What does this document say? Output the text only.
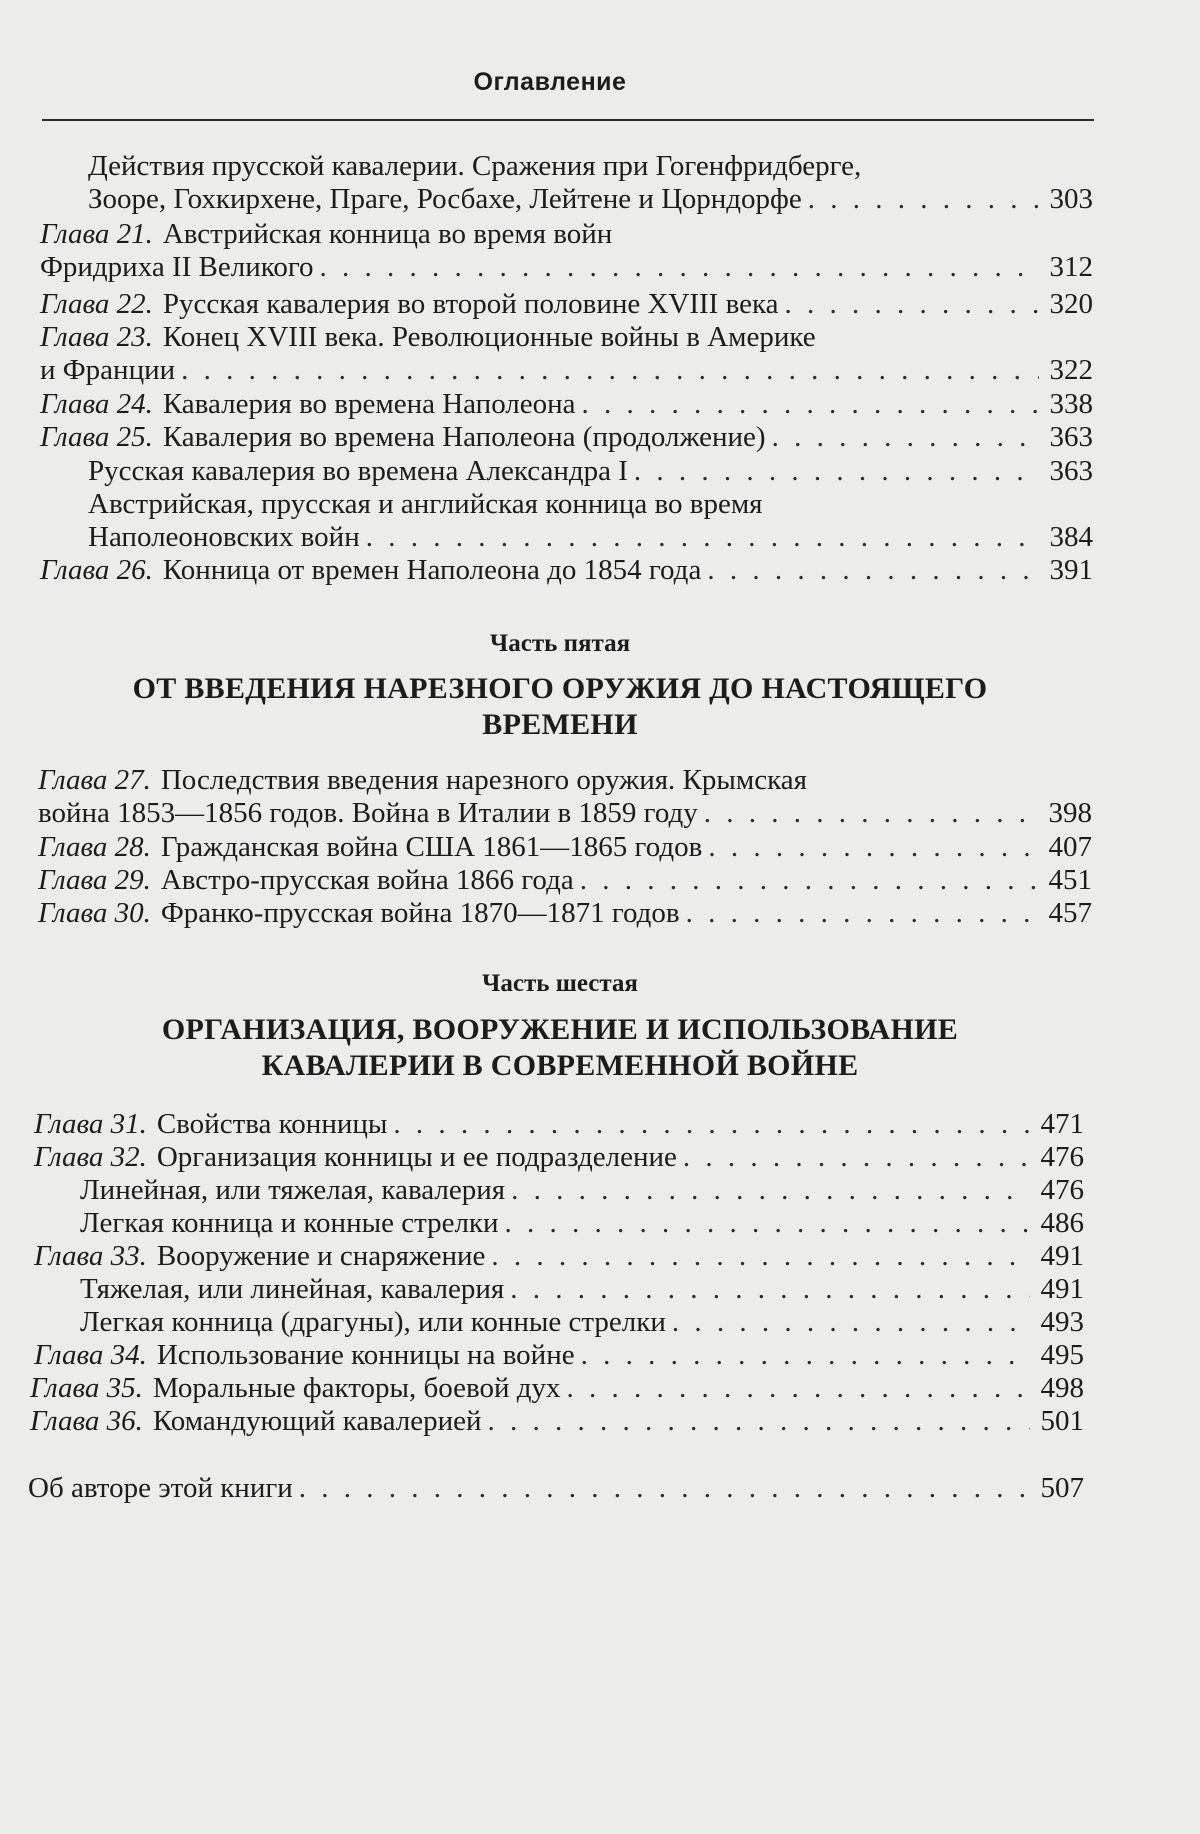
Оглавление
Действия прусской кавалерии. Сражения при Гогенфридберге,
Зооре, Гохкирхене, Праге, Росбахе, Лейтене и Цорндорфе . . .	303
Глава 21. Австрийская конница во время войн
Фридриха II Великого . . .	312
Глава 22. Русская кавалерия во второй половине XVIII века . . .	320
Глава 23. Конец XVIII века. Революционные войны в Америке
и Франции . . .	322
Глава 24. Кавалерия во времена Наполеона . . .	338
Глава 25. Кавалерия во времена Наполеона (продолжение) . . .	363
Русская кавалерия во времена Александра I . . .	363
Австрийская, прусская и английская конница во время
Наполеоновских войн . . .	384
Глава 26. Конница от времен Наполеона до 1854 года . . .	391
Часть пятая
ОТ ВВЕДЕНИЯ НАРЕЗНОГО ОРУЖИЯ ДО НАСТОЯЩЕГО
ВРЕМЕНИ
Глава 27. Последствия введения нарезного оружия. Крымская
война 1853—1856 годов. Война в Италии в 1859 году . . .	398
Глава 28. Гражданская война США 1861—1865 годов . . .	407
Глава 29. Австро-прусская война 1866 года . . .	451
Глава 30. Франко-прусская война 1870—1871 годов . . .	457
Часть шестая
ОРГАНИЗАЦИЯ, ВООРУЖЕНИЕ И ИСПОЛЬЗОВАНИЕ
КАВАЛЕРИИ В СОВРЕМЕННОЙ ВОЙНЕ
Глава 31. Свойства конницы . . .	471
Глава 32. Организация конницы и ее подразделение . . .	476
Линейная, или тяжелая, кавалерия . . .	476
Легкая конница и конные стрелки . . .	486
Глава 33. Вооружение и снаряжение . . .	491
Тяжелая, или линейная, кавалерия . . .	491
Легкая конница (драгуны), или конные стрелки . . .	493
Глава 34. Использование конницы на войне . . .	495
Глава 35. Моральные факторы, боевой дух . . .	498
Глава 36. Командующий кавалерией . . .	501
Об авторе этой книги . . .	507
